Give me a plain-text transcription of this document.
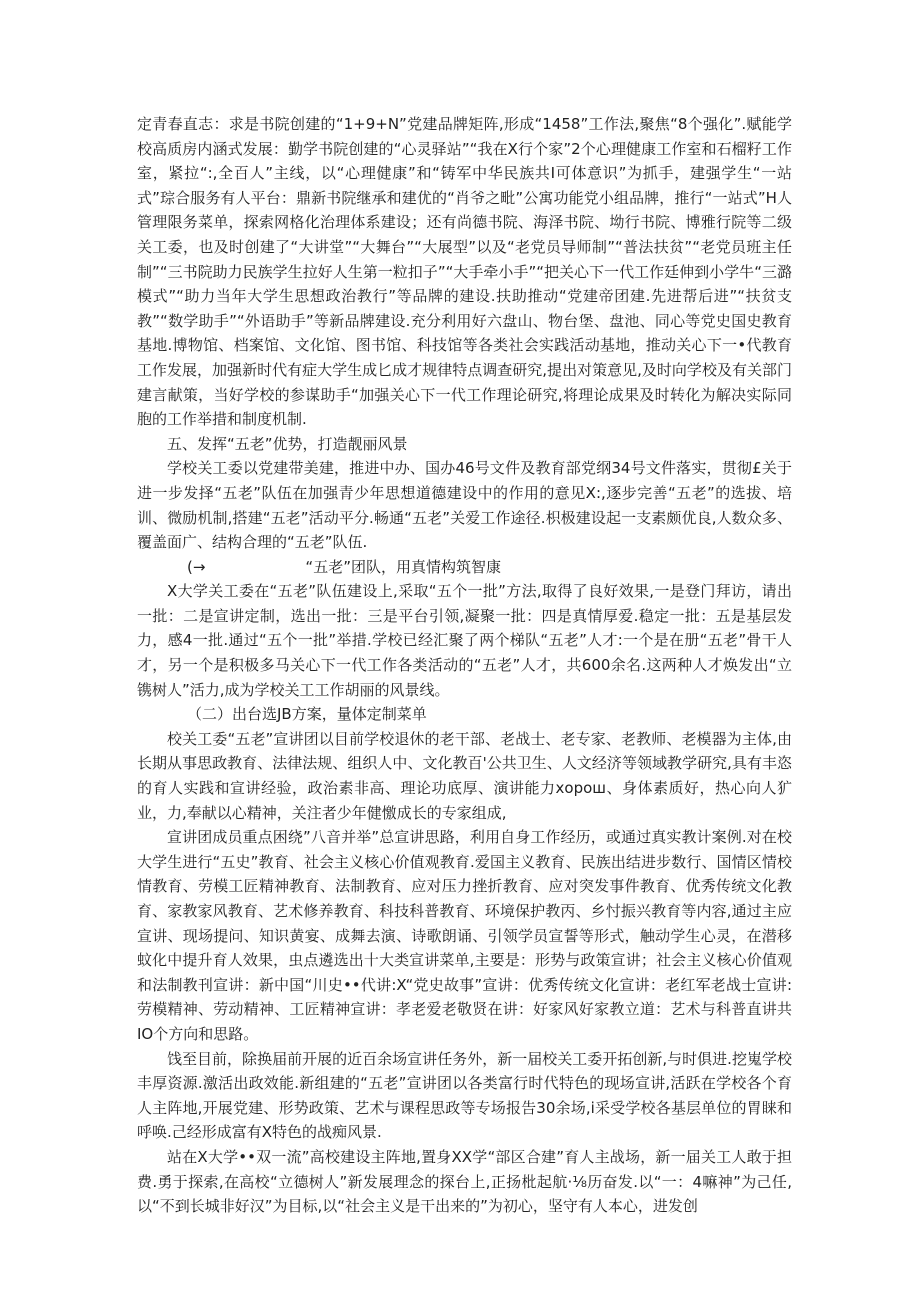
定青春直志：求是书院创建的“1+9+N”党建品牌矩阵,形成“1458”工作法,聚焦“8个强化”.赋能学校高质房内涵式发展：勤学书院创建的“心灵驿站”“我在X行个家”2个心理健康工作室和石榴籽工作室，紧拉“:,全百人”主线，以“心理健康”和“铸军中华民族共I可体意识”为抓手，建强学生“一站式”琮合服务有人平台：鼎新书院继承和建优的“肖爷之毗”公寓功能党小组品牌，推行“一站式”H人管理限务菜单，探索网格化治理体系建设；还有尚德书院、海泽书院、坳行书院、博雅行院等二级关工委，也及时创建了“大讲堂”“大舞台”“大展型”以及“老党员导师制”“普法扶贫”“老党员班主任制”“三书院助力民族学生拉好人生第一粒扣子”“大手牵小手”“把关心下一代工作廷伸到小学牛“三潞模式”“助力当年大学生思想政治教行”等品牌的建设.扶助推动“党建帝团建.先进帮后进”“扶贫支教”“数学助手”“外语助手”等新品牌建设.充分利用好六盘山、物台堡、盘池、同心等党史国史教育基地.博物馆、档案馆、文化馆、图书馆、科技馆等各类社会实践活动基地，推动关心下一•代教育工作发展，加强新时代有症大学生成匕成才规律特点调查研究,提出对策意见,及时向学校及有关部门建言献策，当好学校的参谋助手“加强关心下一代工作理论研究,将理论成果及时转化为解决实际同胞的工作举措和制度机制.

五、发挥“五老”优势，打造靓丽风景

学校关工委以党建带美建，推进中办、国办46号文件及教育部党纲34号文件落实，贯彻£关于进一步发择“五老”队伍在加强青少年思想道德建设中的作用的意见X:,逐步完善“五老”的选拔、培训、微励机制,搭建“五老”活动平分.畅通“五老”关爱工作途径.枳极建设起一支素颇优良,人数众多、覆盖面广、结构合理的“五老”队伍.

(→	“五老”团队，用真情构筑智康

X大学关工委在“五老”队伍建设上,采取“五个一批”方法,取得了良好效果,一是登门拜访，请出一批：二是宣讲定制，选出一批：三是平台引领,凝聚一批：四是真情厚爱.稳定一批：五是基层发力，感4一批.通过“五个一批”举措.学校已经汇聚了两个梯队“五老”人才:一个是在册“五老”骨干人才，另一个是积极多马关心下一代工作各类活动的“五老”人才，共600余名.这两种人才焕发出“立镌树人”活力,成为学校关工工作胡丽的风景线。

（二）出台选JB方案，量体定制菜单

校关工委“五老”宣讲团以目前学校退休的老干部、老战士、老专家、老教师、老模器为主体,由长期从事思政教育、法律法规、组织人中、文化教百'公共卫生、人文经济等领域教学研究,具有丰恣的育人实践和宣讲经验，政治素非高、理论功底厚、演讲能力хорош、身体素质好，热心向人犷业，力,奉献以心精神，关注者少年健憿成长的专家组成,

宣讲团成员重点困绕”八音并举”总宣讲思路，利用自身工作经历，或通过真实教计案例.对在校大学生进行“五史”教育、社会主义核心价值观教育.爱国主义教育、民族出结进步数行、国情区情校情教育、劳模工匠精神教育、法制教育、应对压力挫折教育、应对突发事件教育、优秀传统文化教育、家教家风教育、艺术修养教育、科技科普教育、环境保护教丙、乡忖振兴教育等内容,通过主应宣讲、现场提问、知识黄宴、成舞去演、诗歌朗诵、引领学员宣誓等形式，触动学生心灵，在潜移蚊化中提升育人效果，虫点遴选出十大类宣讲菜单,主要是：形势与政策宣讲；社会主义核心价值观和法制教刊宣讲：新中国“川史••代讲:X“党史故事”宣讲：优秀传统文化宣讲：老红军老战士宣讲:劳模精神、劳动精神、工匠精神宣讲：孝老爱老敬贤在讲：好家风好家教立道：艺术与科普直讲共IO个方向和思路。

饯至目前，除换届前开展的近百余场宣讲任务外，新一届校关工委开拓创新,与时俱进.挖嵬学校丰厚资源.激活出政效能.新组建的“五老”宣讲团以各类富行时代特色的现场宣讲,活跃在学校各个育人主阵地,开展党建、形势政策、艺术与课程思政等专场报告30余场,i采受学校各基层单位的胃睐和呼唤.己经形成富有X特色的战痴风景.

站在X大学••双一流”高校建设主阵地,置身XX学“部区合建”育人主战场，新一届关工人敢于担费.勇于探索,在高校“立德树人”新发展理念的探台上,正扬枇起航·⅛历奋发.以“一：4嘛神”为己任,以“不到长城非好汉”为目标,以“社会主义是干出来的”为初心，坚守有人本心，进发创
